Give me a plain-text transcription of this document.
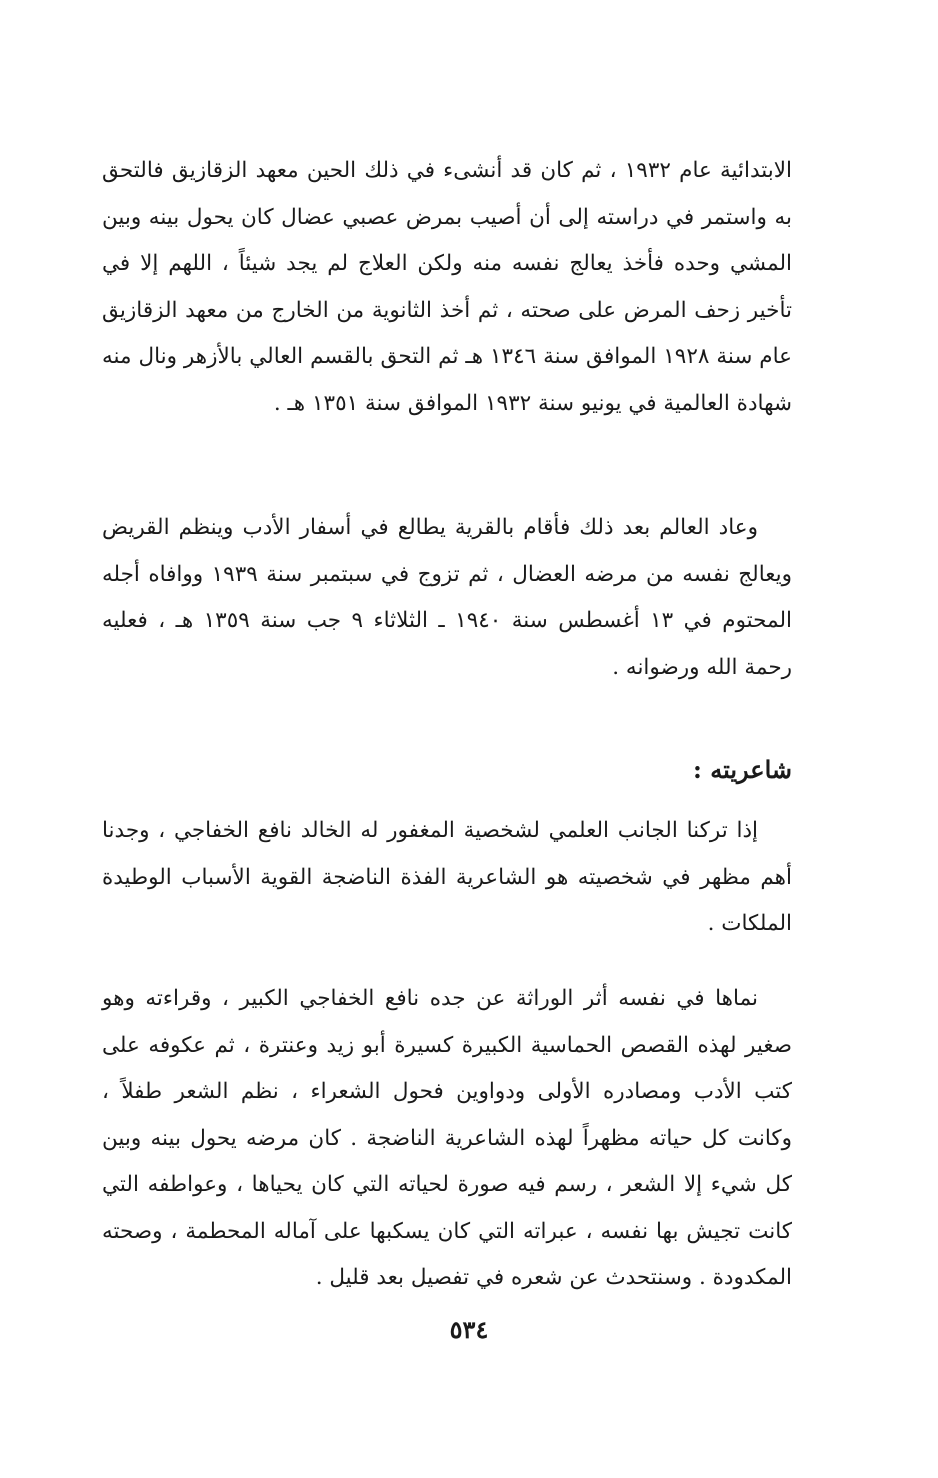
الابتدائية عام ١٩٣٢ ، ثم كان قد أنشىء في ذلك الحين معهد الزقازيق فالتحق به واستمر في دراسته إلى أن أصيب بمرض عصبي عضال كان يحول بينه وبين المشي وحده فأخذ يعالج نفسه منه ولكن العلاج لم يجد شيئاً ، اللهم إلا في تأخير زحف المرض على صحته ، ثم أخذ الثانوية من الخارج من معهد الزقازيق عام سنة ١٩٢٨ الموافق سنة ١٣٤٦ هـ ثم التحق بالقسم العالي بالأزهر ونال منه شهادة العالمية في يونيو سنة ١٩٣٢ الموافق سنة ١٣٥١ هـ .

وعاد العالم بعد ذلك فأقام بالقرية يطالع في أسفار الأدب وينظم القريض ويعالج نفسه من مرضه العضال ، ثم تزوج في سبتمبر سنة ١٩٣٩ ووافاه أجله المحتوم في ١٣ أغسطس سنة ١٩٤٠ ـ الثلاثاء ٩ جب سنة ١٣٥٩ هـ ، فعليه رحمة الله ورضوانه .

شاعريته :

إذا تركنا الجانب العلمي لشخصية المغفور له الخالد نافع الخفاجي ، وجدنا أهم مظهر في شخصيته هو الشاعرية الفذة الناضجة القوية الأسباب الوطيدة الملكات .

نماها في نفسه أثر الوراثة عن جده نافع الخفاجي الكبير ، وقراءته وهو صغير لهذه القصص الحماسية الكبيرة كسيرة أبو زيد وعنترة ، ثم عكوفه على كتب الأدب ومصادره الأولى ودواوين فحول الشعراء ، نظم الشعر طفلاً ، وكانت كل حياته مظهراً لهذه الشاعرية الناضجة . كان مرضه يحول بينه وبين كل شيء إلا الشعر ، رسم فيه صورة لحياته التي كان يحياها ، وعواطفه التي كانت تجيش بها نفسه ، عبراته التي كان يسكبها على آماله المحطمة ، وصحته المكدودة . وسنتحدث عن شعره في تفصيل بعد قليل .

٥٣٤
